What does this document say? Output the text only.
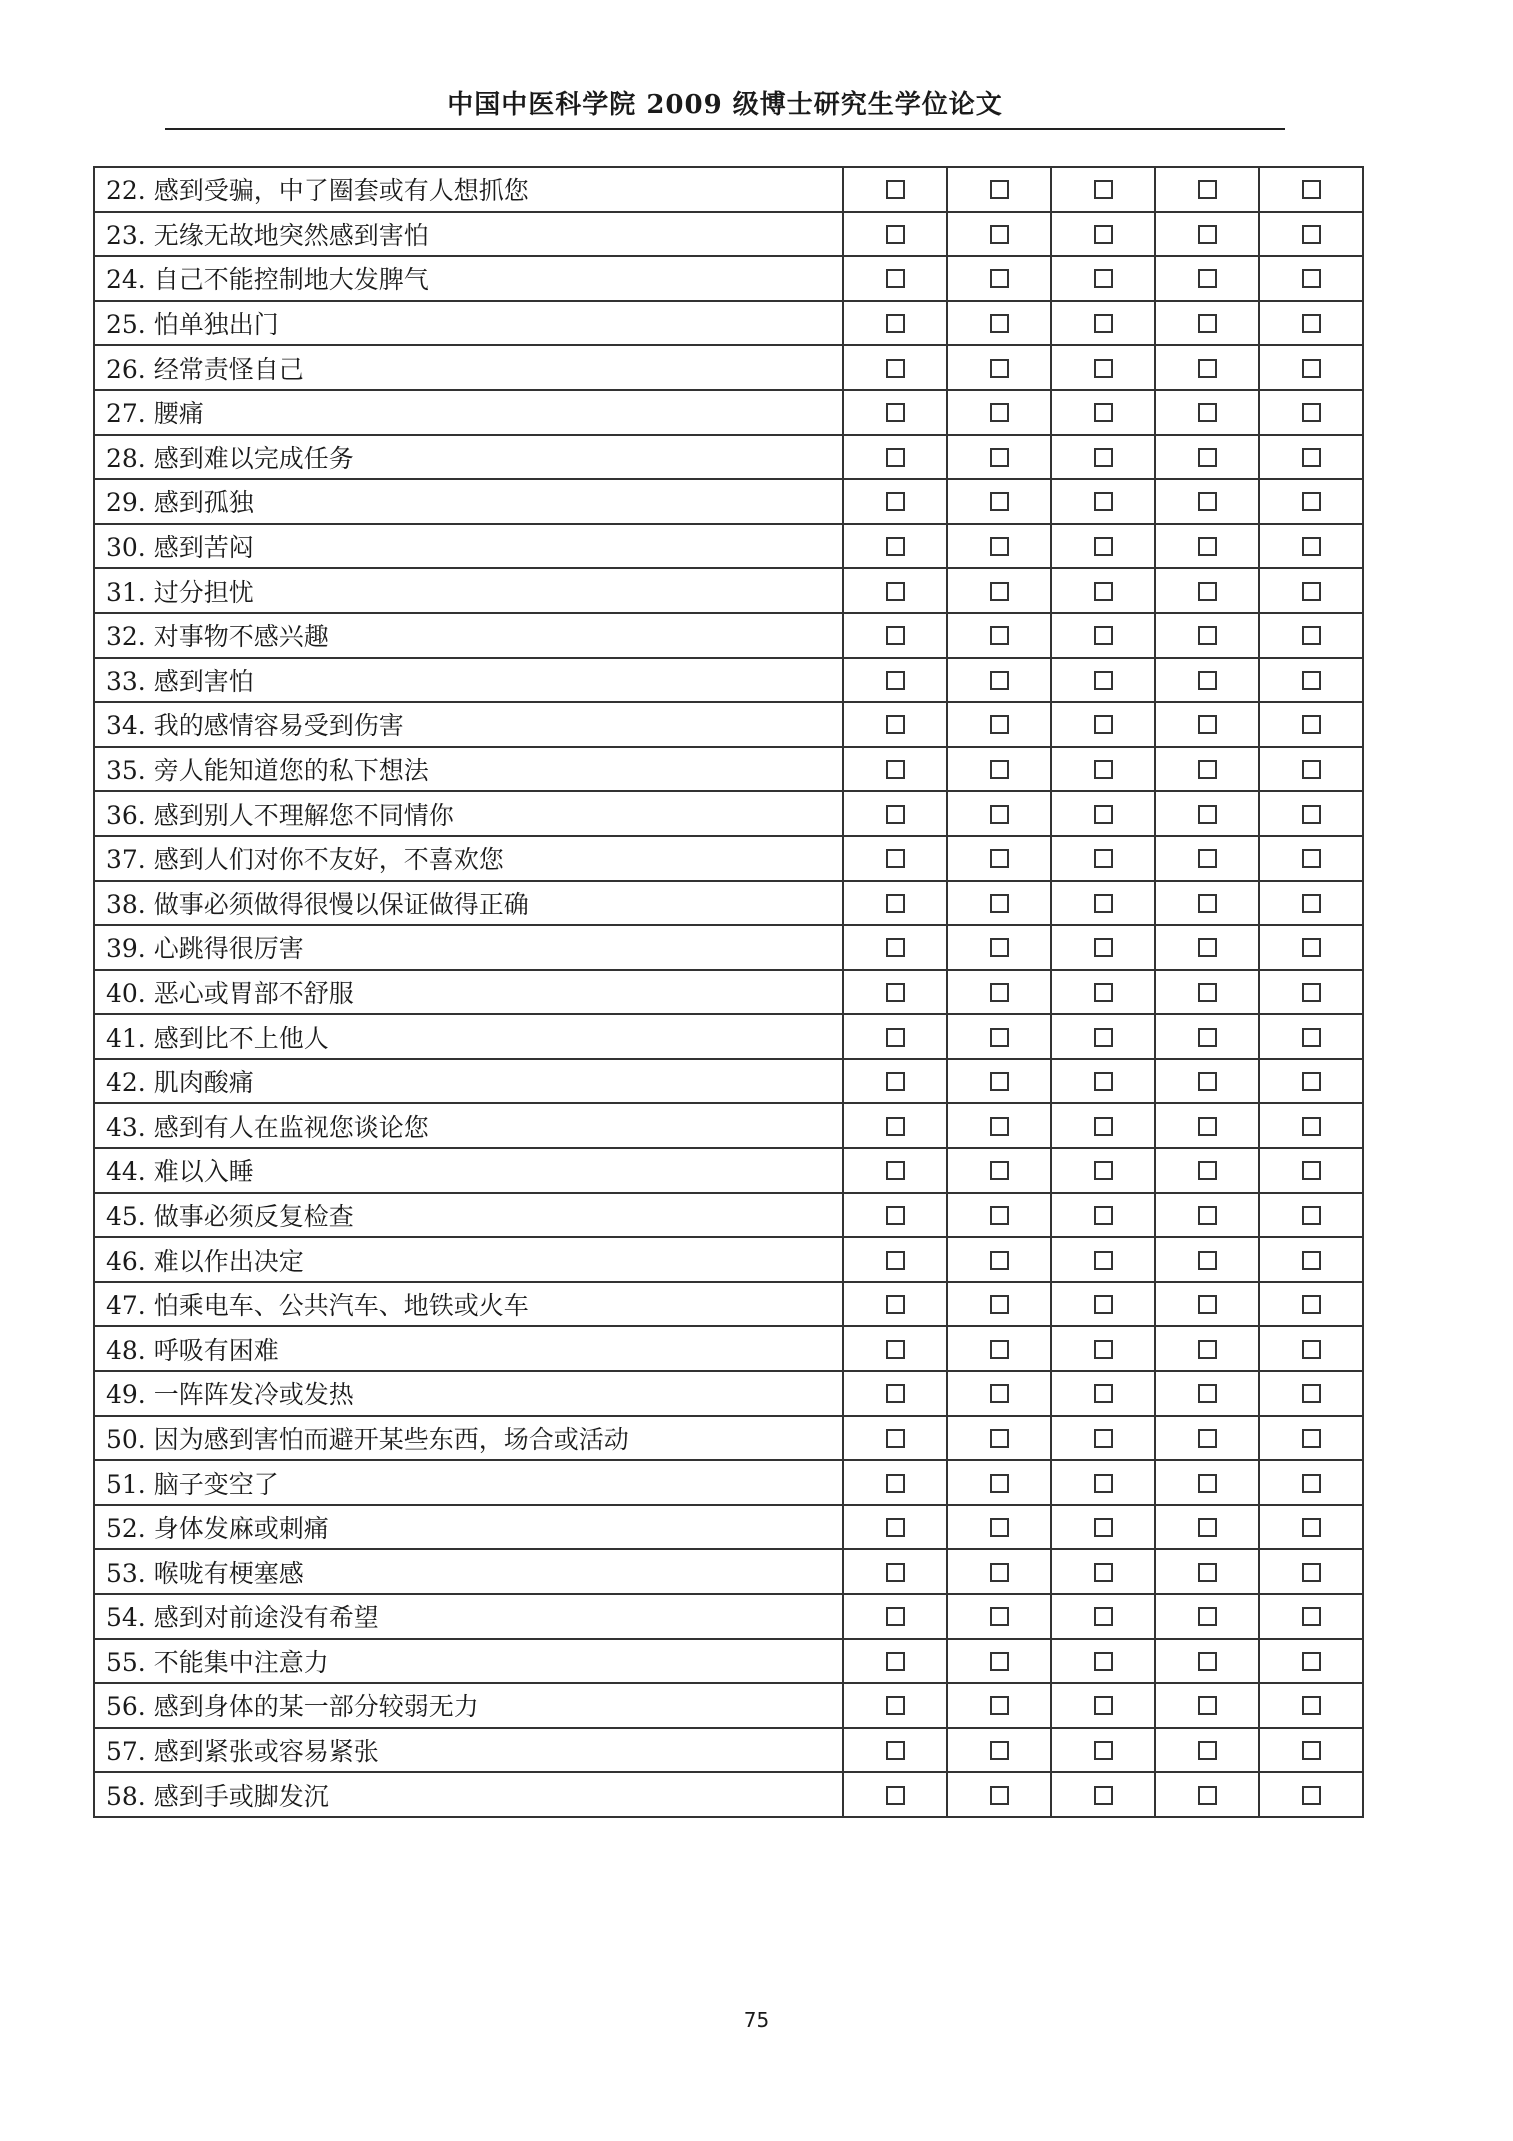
中国中医科学院 2009 级博士研究生学位论文
22. 感到受骗，中了圈套或有人想抓您					
23. 无缘无故地突然感到害怕					
24. 自己不能控制地大发脾气					
25. 怕单独出门					
26. 经常责怪自己					
27. 腰痛					
28. 感到难以完成任务					
29. 感到孤独					
30. 感到苦闷					
31. 过分担忧					
32. 对事物不感兴趣					
33. 感到害怕					
34. 我的感情容易受到伤害					
35. 旁人能知道您的私下想法					
36. 感到别人不理解您不同情你					
37. 感到人们对你不友好，不喜欢您					
38. 做事必须做得很慢以保证做得正确					
39. 心跳得很厉害					
40. 恶心或胃部不舒服					
41. 感到比不上他人					
42. 肌肉酸痛					
43. 感到有人在监视您谈论您					
44. 难以入睡					
45. 做事必须反复检查					
46. 难以作出决定					
47. 怕乘电车、公共汽车、地铁或火车					
48. 呼吸有困难					
49. 一阵阵发冷或发热					
50. 因为感到害怕而避开某些东西，场合或活动					
51. 脑子变空了					
52. 身体发麻或刺痛					
53. 喉咙有梗塞感					
54. 感到对前途没有希望					
55. 不能集中注意力					
56. 感到身体的某一部分较弱无力					
57. 感到紧张或容易紧张					
58. 感到手或脚发沉					
75
